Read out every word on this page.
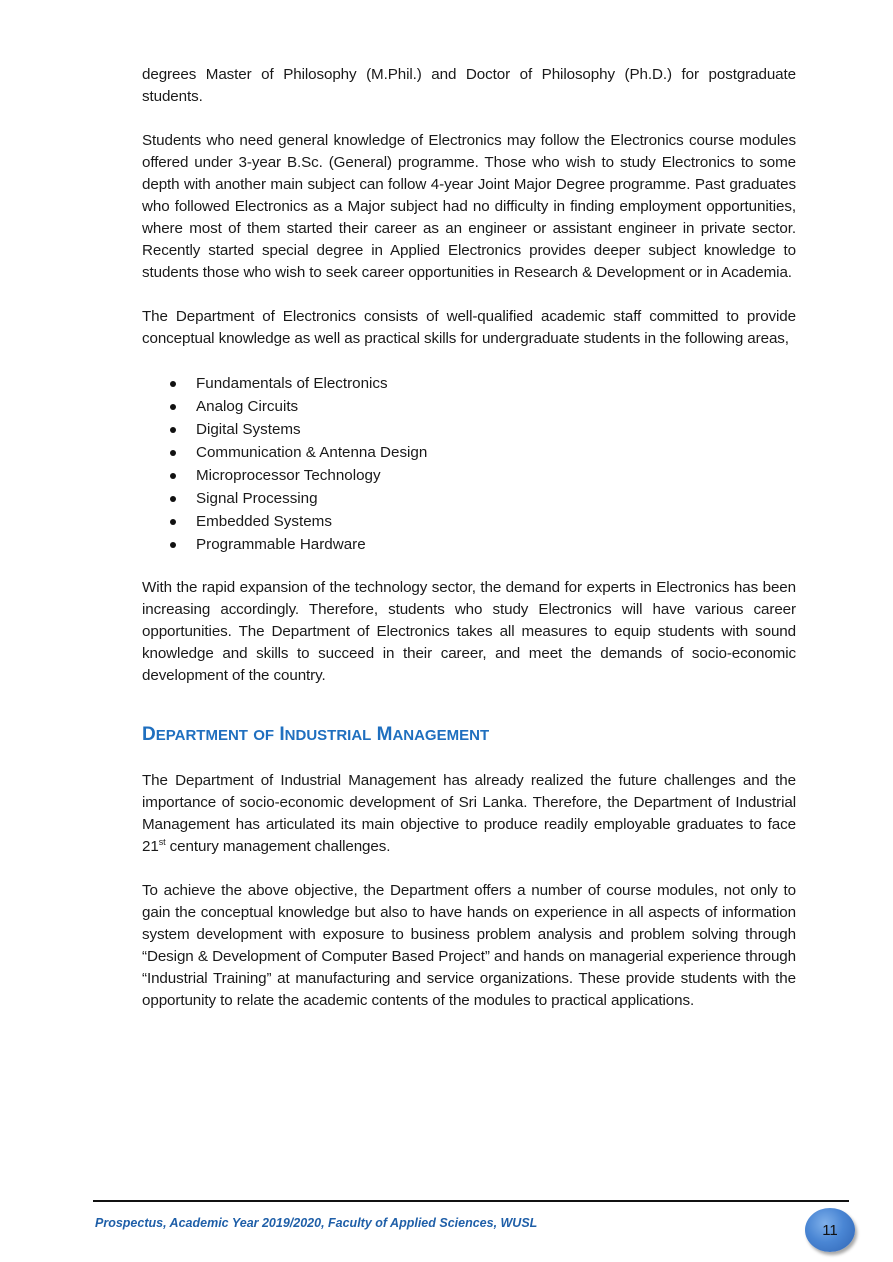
degrees Master of Philosophy (M.Phil.) and Doctor of Philosophy (Ph.D.) for postgraduate students.

Students who need general knowledge of Electronics may follow the Electronics course modules offered under 3-year B.Sc. (General) programme. Those who wish to study Electronics to some depth with another main subject can follow 4-year Joint Major Degree programme. Past graduates who followed Electronics as a Major subject had no difficulty in finding employment opportunities, where most of them started their career as an engineer or assistant engineer in private sector. Recently started special degree in Applied Electronics provides deeper subject knowledge to students those who wish to seek career opportunities in Research & Development or in Academia.

The Department of Electronics consists of well-qualified academic staff committed to provide conceptual knowledge as well as practical skills for undergraduate students in the following areas,

Fundamentals of Electronics
Analog Circuits
Digital Systems
Communication & Antenna Design
Microprocessor Technology
Signal Processing
Embedded Systems
Programmable Hardware

With the rapid expansion of the technology sector, the demand for experts in Electronics has been increasing accordingly. Therefore, students who study Electronics will have various career opportunities. The Department of Electronics takes all measures to equip students with sound knowledge and skills to succeed in their career, and meet the demands of socio-economic development of the country.

DEPARTMENT OF INDUSTRIAL MANAGEMENT

The Department of Industrial Management has already realized the future challenges and the importance of socio-economic development of Sri Lanka. Therefore, the Department of Industrial Management has articulated its main objective to produce readily employable graduates to face 21st century management challenges.

To achieve the above objective, the Department offers a number of course modules, not only to gain the conceptual knowledge but also to have hands on experience in all aspects of information system development with exposure to business problem analysis and problem solving through “Design & Development of Computer Based Project” and hands on managerial experience through “Industrial Training” at manufacturing and service organizations. These provide students with the opportunity to relate the academic contents of the modules to practical applications.

Prospectus, Academic Year 2019/2020, Faculty of Applied Sciences, WUSL	11
